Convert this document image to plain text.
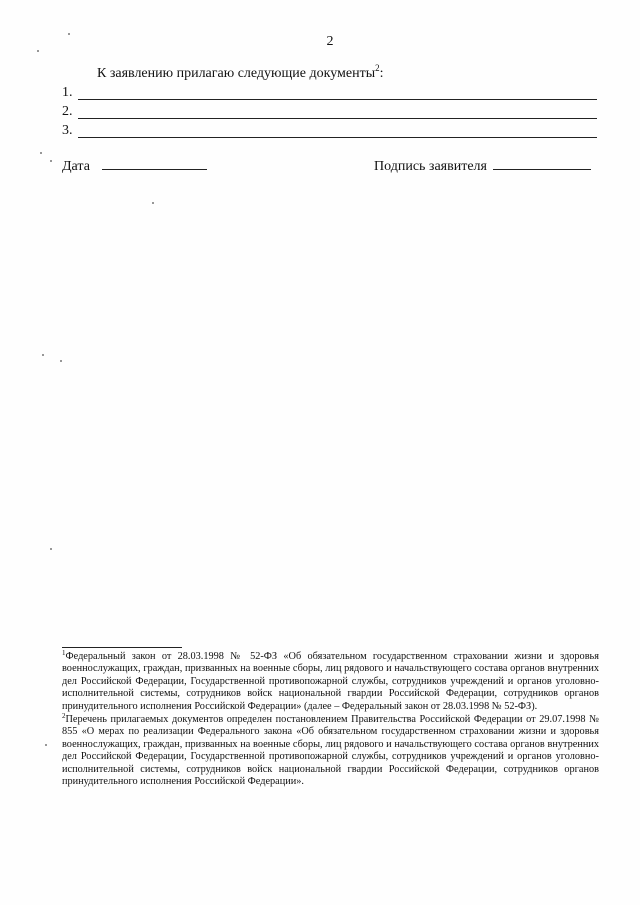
2
К заявлению прилагаю следующие документы$^2$:
1.
2.
3.
Дата	Подпись заявителя

$^1$Федеральный закон от 28.03.1998 № 52-ФЗ «Об обязательном государственном страховании жизни и здоровья военнослужащих, граждан, призванных на военные сборы, лиц рядового и начальствующего состава органов внутренних дел Российской Федерации, Государственной противопожарной службы, сотрудников учреждений и органов уголовно-исполнительной системы, сотрудников войск национальной гвардии Российской Федерации, сотрудников органов принудительного исполнения Российской Федерации» (далее – Федеральный закон от 28.03.1998 № 52-ФЗ).

$^2$Перечень прилагаемых документов определен постановлением Правительства Российской Федерации от 29.07.1998 № 855 «О мерах по реализации Федерального закона «Об обязательном государственном страховании жизни и здоровья военнослужащих, граждан, призванных на военные сборы, лиц рядового и начальствующего состава органов внутренних дел Российской Федерации, Государственной противопожарной службы, сотрудников учреждений и органов уголовно-исполнительной системы, сотрудников войск национальной гвардии Российской Федерации, сотрудников органов принудительного исполнения Российской Федерации».
